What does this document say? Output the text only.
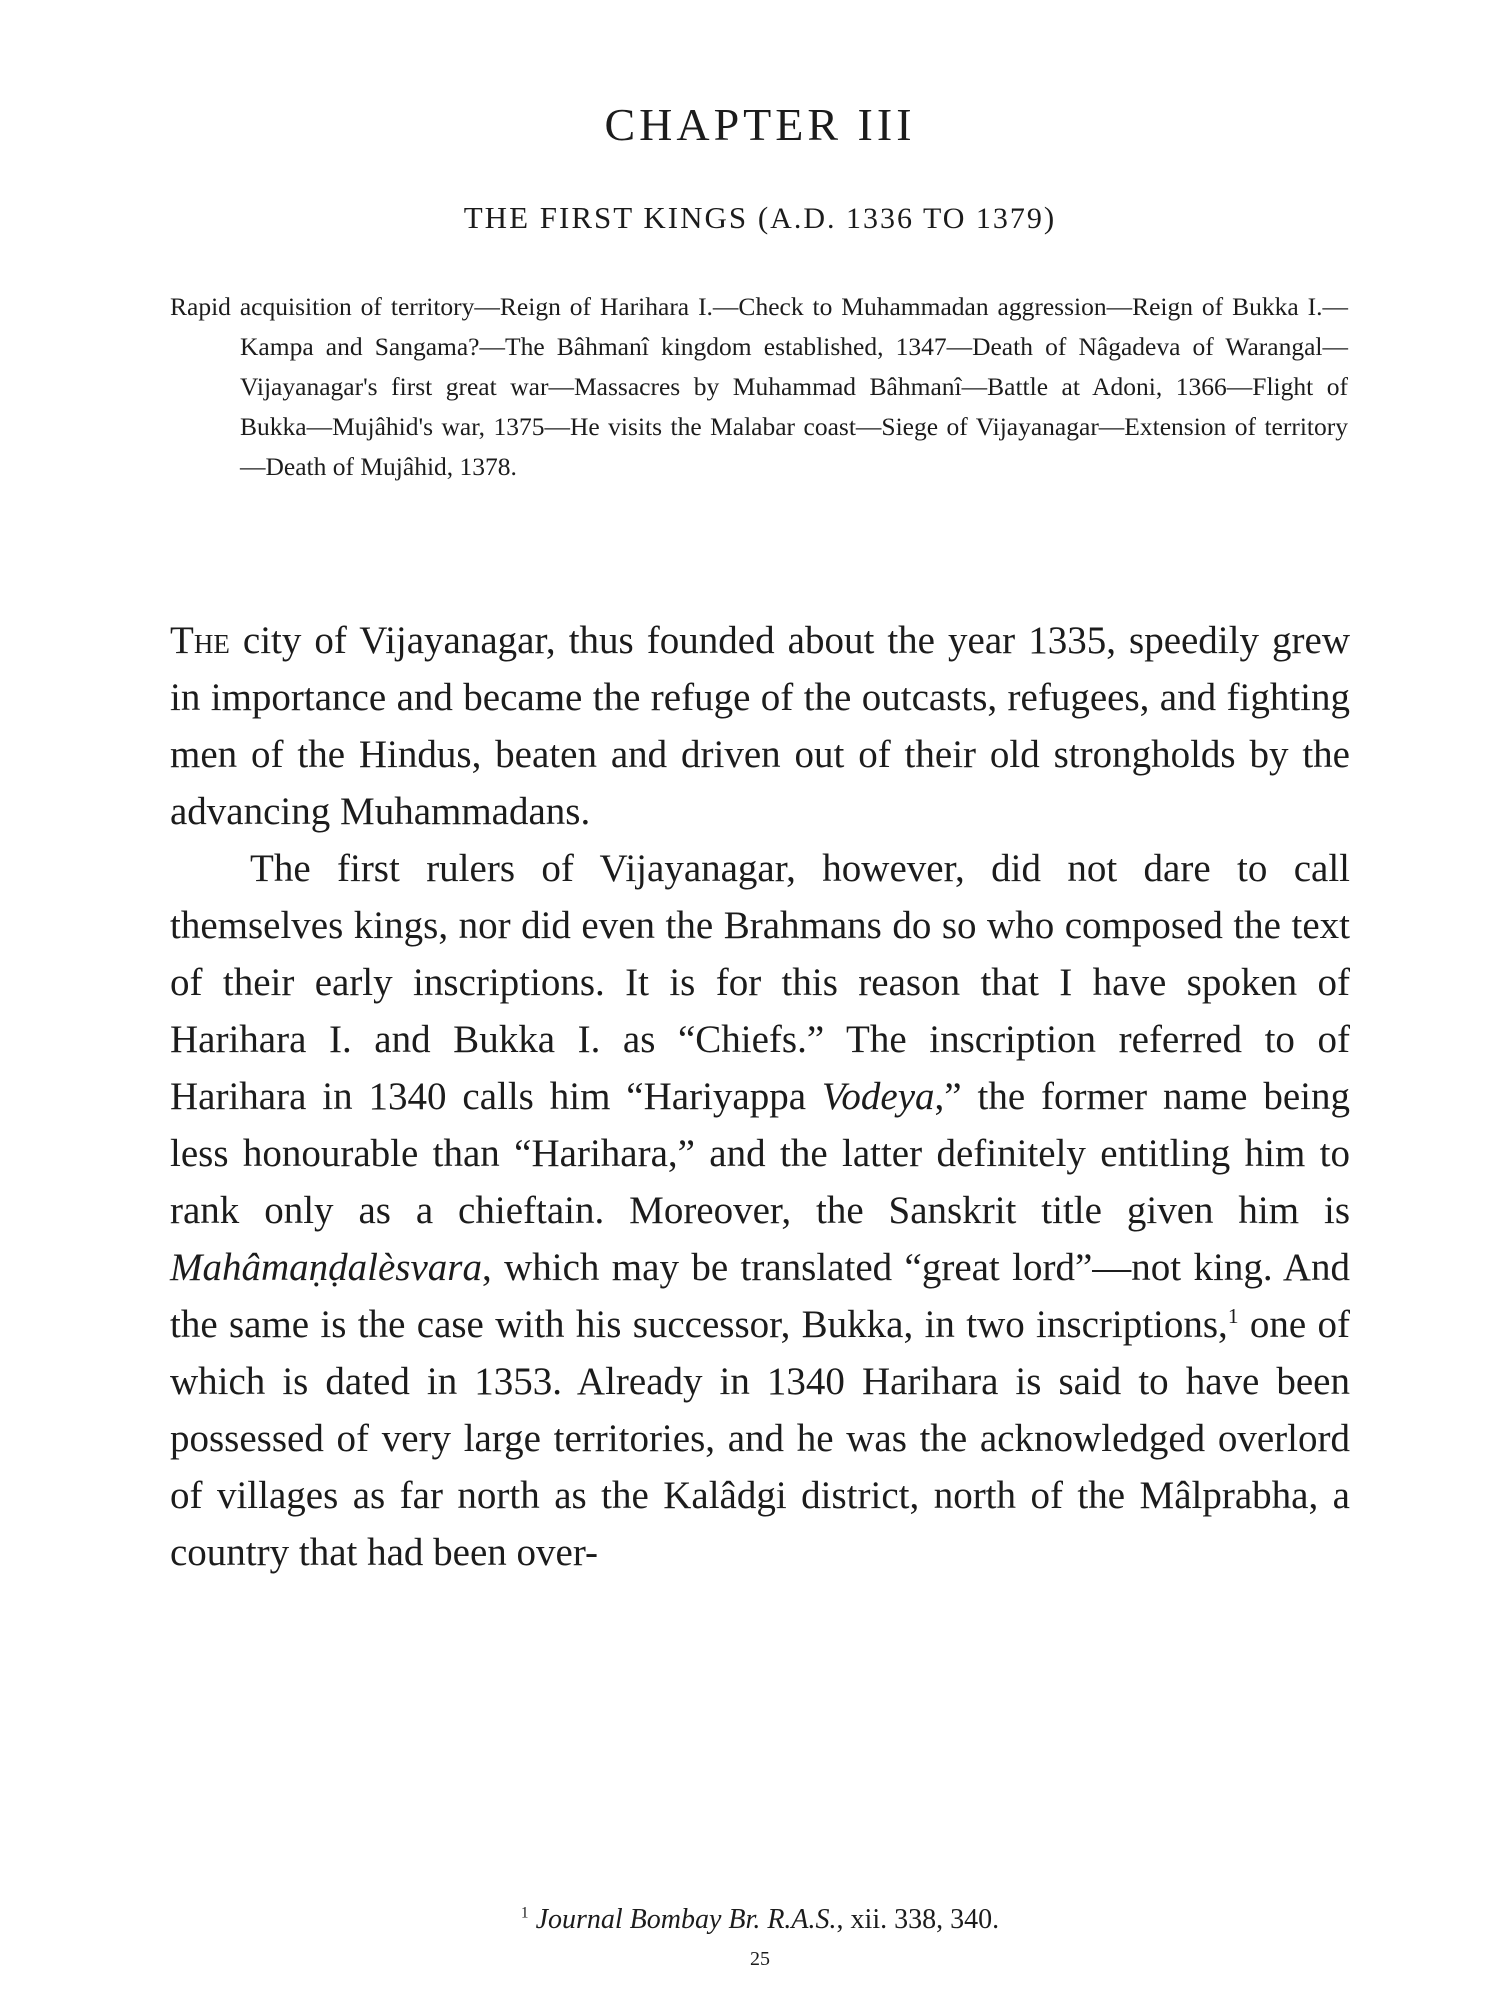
CHAPTER III
THE FIRST KINGS (A.D. 1336 TO 1379)

Rapid acquisition of territory—Reign of Harihara I.—Check to Muhammadan aggression—Reign of Bukka I.—Kampa and Sangama?—The Bâhmanî kingdom established, 1347—Death of Nâgadeva of Warangal—Vijayanagar's first great war—Massacres by Muhammad Bâhmanî—Battle at Adoni, 1366—Flight of Bukka—Mujâhid's war, 1375—He visits the Malabar coast—Siege of Vijayanagar—Extension of territory—Death of Mujâhid, 1378.

The city of Vijayanagar, thus founded about the year 1335, speedily grew in importance and became the refuge of the outcasts, refugees, and fighting men of the Hindus, beaten and driven out of their old strongholds by the advancing Muhammadans.

The first rulers of Vijayanagar, however, did not dare to call themselves kings, nor did even the Brahmans do so who composed the text of their early inscriptions. It is for this reason that I have spoken of Harihara I. and Bukka I. as “Chiefs.” The inscription referred to of Harihara in 1340 calls him “Hariyappa Vodeya,” the former name being less honourable than “Harihara,” and the latter definitely entitling him to rank only as a chieftain. Moreover, the Sanskrit title given him is Mahâmaṇḍalèsvara, which may be translated “great lord”—not king. And the same is the case with his successor, Bukka, in two inscriptions,$^1$ one of which is dated in 1353. Already in 1340 Harihara is said to have been possessed of very large territories, and he was the acknowledged overlord of villages as far north as the Kalâdgi district, north of the Mâlprabha, a country that had been over-

$^1$ Journal Bombay Br. R.A.S., xii. 338, 340.

25
